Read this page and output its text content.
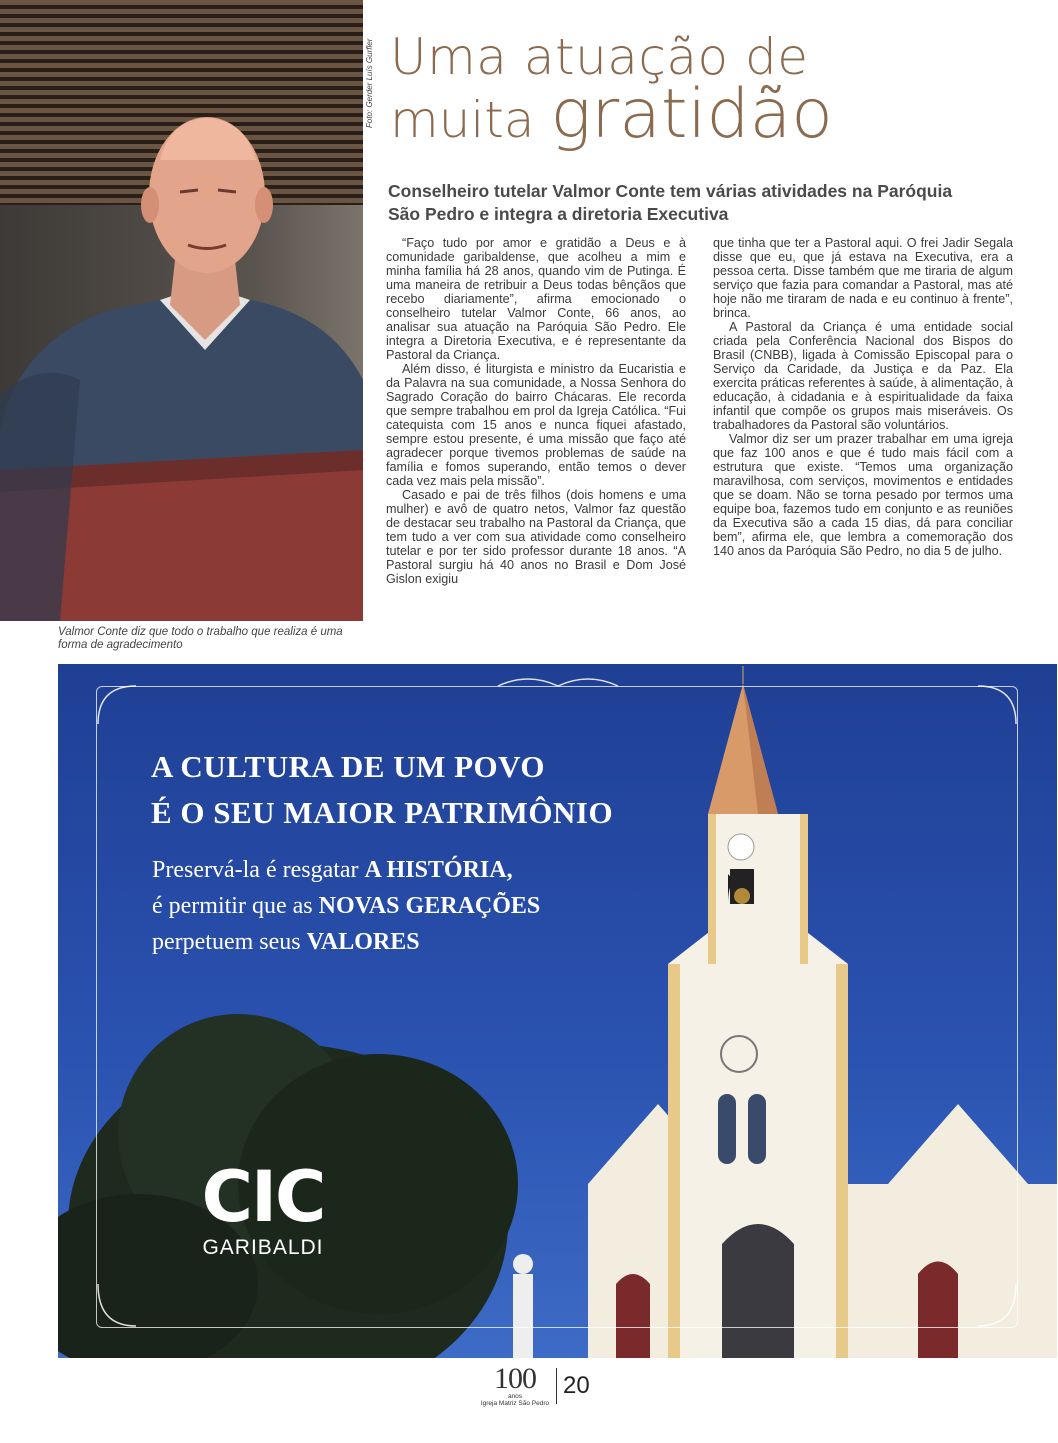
Foto: Gerder Luís Gurfler
Valmor Conte diz que todo o trabalho que realiza é uma forma de agradecimento
Uma atuação de
muita gratidão
Conselheiro tutelar Valmor Conte tem várias atividades na Paróquia São Pedro e integra a diretoria Executiva

“Faço tudo por amor e gratidão a Deus e à comunidade garibaldense, que acolheu a mim e minha família há 28 anos, quando vim de Putinga. É uma maneira de retribuir a Deus todas bênçãos que recebo diariamente”, afirma emocionado o conselheiro tutelar Valmor Conte, 66 anos, ao analisar sua atuação na Paróquia São Pedro. Ele integra a Diretoria Executiva, e é representante da Pastoral da Criança.

Além disso, é liturgista e ministro da Eucaristia e da Palavra na sua comunidade, a Nossa Senhora do Sagrado Coração do bairro Chácaras. Ele recorda que sempre trabalhou em prol da Igreja Católica. “Fui catequista com 15 anos e nunca fiquei afastado, sempre estou presente, é uma missão que faço até agradecer porque tivemos problemas de saúde na família e fomos superando, então temos o dever cada vez mais pela missão”.

Casado e pai de três filhos (dois homens e uma mulher) e avô de quatro netos, Valmor faz questão de destacar seu trabalho na Pastoral da Criança, que tem tudo a ver com sua atividade como conselheiro tutelar e por ter sido professor durante 18 anos. “A Pastoral surgiu há 40 anos no Brasil e Dom José Gislon exigiu

que tinha que ter a Pastoral aqui. O frei Jadir Segala disse que eu, que já estava na Executiva, era a pessoa certa. Disse também que me tiraria de algum serviço que fazia para comandar a Pastoral, mas até hoje não me tiraram de nada e eu continuo à frente”, brinca.

A Pastoral da Criança é uma entidade social criada pela Conferência Nacional dos Bispos do Brasil (CNBB), ligada à Comissão Episcopal para o Serviço da Caridade, da Justiça e da Paz. Ela exercita práticas referentes à saúde, à alimentação, à educação, à cidadania e à espiritualidade da faixa infantil que compõe os grupos mais miseráveis. Os trabalhadores da Pastoral são voluntários.

Valmor diz ser um prazer trabalhar em uma igreja que faz 100 anos e que é tudo mais fácil com a estrutura que existe. “Temos uma organização maravilhosa, com serviços, movimentos e entidades que se doam. Não se torna pesado por termos uma equipe boa, fazemos tudo em conjunto e as reuniões da Executiva são a cada 15 dias, dá para conciliar bem”, afirma ele, que lembra a comemoração dos 140 anos da Paróquia São Pedro, no dia 5 de julho.

A CULTURA DE UM POVO
É O SEU MAIOR PATRIMÔNIO
Preservá-la é resgatar A HISTÓRIA,
é permitir que as NOVAS GERAÇÕES
perpetuem seus VALORES
CIC
GARIBALDI
100
anos
Igreja Matriz São Pedro
20
